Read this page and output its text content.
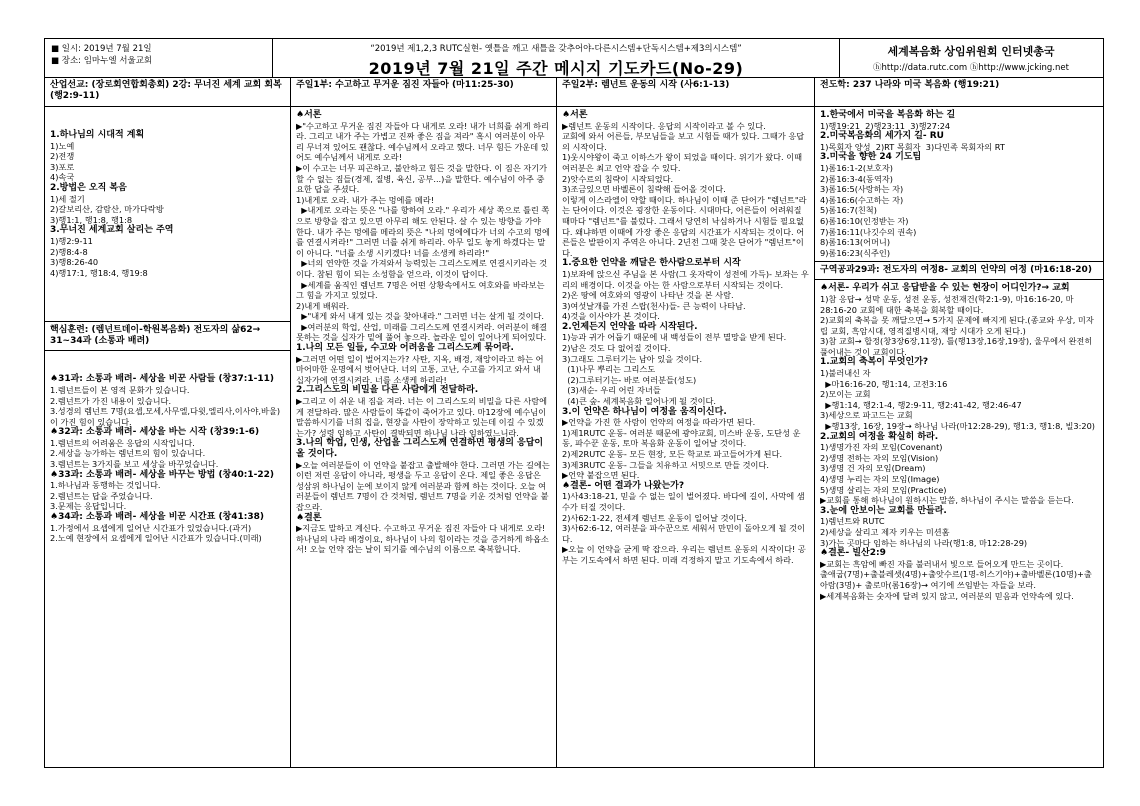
■ 일시: 2019년 7월 21일
■ 장소: 임마누엘 서울교회
“2019년 제1,2,3 RUTC실현- 옛틀을 깨고 새틀을 갖추어야-다른시스템+단독시스템+제3의시스템”
2019년 7월 21일 주간 메시지 기도카드(No-29)
세계복음화 상임위원회 인터넷총국
ⓗhttp://data.rutc.com ⓗhttp://www.jcking.net
산업선교: (장로회연합회총회) 2강: 무너진 세계 교회 회복 (행2:9-11)
1.하나님의 시대적 계획
1)노예
2)전쟁
3)포로
4)속국
2.방법은 오직 복음
1)세 절기
2)갈보리산, 감람산, 마가다락방
3)행1:1, 행1:8, 행1:8
3.무너진 세계교회 살리는 주역
1)행2:9-11
2)행8:4-8
3)행8:26-40
4)행17:1, 행18:4, 행19:8
핵심훈련: (렘넌트데이-학원복음화) 전도자의 삶62→ 31~34과 (소통과 배려)
♠31과: 소통과 배려- 세상을 비꾼 사람들 (창37:1-11)
1.렘넌트들이 본 영적 문화가 있습니다.
2.렘넌트가 가진 내용이 있습니다.
3.성경의 렘넌트 7명(요셉,모세,사무엘,다윗,엘리사,이사야,바울)이 가진 힘이 있습니다.
♠32과: 소통과 배려- 세상을 바는 시작 (창39:1-6)
1.렘넌트의 어려움은 응답의 시작입니다.
2.세상을 능가하는 렘넌트의 힘이 있습니다.
3.렘넌트는 3가지를 보고 세상을 바꾸었습니다.
♠33과: 소통과 배려- 세상을 바꾸는 방법 (창40:1-22)
1.하나님과 동행하는 것입니다.
2.렘넌트는 답을 주었습니다.
3.문제는 응답입니다.
♠34과: 소통과 배려- 세상을 비꾼 시간표 (창41:38)
1.가정에서 요셉에게 일어난 시간표가 있었습니다.(과거)
2.노예 현장에서 요셉에게 일어난 시간표가 있습니다.(미래)
주일1부: 수고하고 무거운 짐진 자들아 (마11:25-30)
♠서론
▶"수고하고 무거운 짐진 자들아 다 내게로 오라! 내가 너희를 쉬게 하리라. 그리고 내가 주는 가볍고 진짜 좋은 짐을 져라" 혹시 여러분이 아무리 무너져 있어도 괜찮다. 예수님께서 오라고 했다. 너무 힘든 가운데 있어도 예수님께서 내게로 오라!
▶이 수고는 너무 피곤하고, 불안하고 힘든 것을 말한다. 이 짐은 자기가 할 수 없는 짐들(경제, 질병, 육신, 공부...)을 말한다. 예수님이 아주 중요한 답을 주셨다.
1)내게로 오라. 내가 주는 멍에를 메라!
▶내게로 오라는 뜻은 "나를 향하여 오라." 우리가 세상 쪽으로 틀린 쪽으로 방향을 잡고 있으면 아무리 해도 안된다. 살 수 있는 방향을 가야 한다. 내가 주는 멍에를 메라의 뜻은 "나의 멍에에다가 너의 수고의 멍에를 연결시켜라!" 그러면 너를 쉬게 하리라. 아무 일도 놓게 하겠다는 말이 아니다. "너를 소생 시키겠다! 너를 소생케 하리라!"
▶너의 연약한 것을 가져와서 능력있는 그리스도께로 연결시키라는 것이다. 참된 힘이 되는 소성함을 얻으라, 이것이 답이다.
▶세계를 움직인 렘넌트 7명은 어떤 상황속에서도 여호와를 바라보는 그 힘을 가지고 있었다.
2)내게 배워라.
▶"내게 와서 내게 있는 것을 찾아내라." 그러면 너는 살게 될 것이다.
▶여러분의 학업, 산업, 미래를 그리스도께 연결시켜라. 여러분이 해결 못하는 것을 십자가 밑에 풀어 놓으라. 놀라운 일이 일어나게 되어있다.
1.나의 모든 일들, 수고와 어려움을 그리스도께 묶어라.
▶그러면 어떤 일이 벌어지는가? 사탄, 지옥, 배경, 재앙이라고 하는 어마어마한 운명에서 벗어난다. 너의 고통, 고난, 수고를 가지고 와서 내 십자가에 연결시켜라. 너를 소생케 하리라!
2.그리스도의 비밀을 다른 사람에게 전달하라.
▶그리고 이 쉬운 내 짐을 져라. 너는 이 그리스도의 비밀을 다른 사람에게 전달하라. 많은 사람들이 똑같이 죽어가고 있다. 마12장에 예수님이 말씀하시기를 너희 집을, 현장을 사탄이 장악하고 있는데 이길 수 있겠는가? 성령 임하고 사탄이 결박되면 하나님 나라 임하였느니라.
3.나의 학업, 인생, 산업을 그리스도께 연결하면 평생의 응답이 올 것이다.
▶오늘 여러분들이 이 언약을 붙잡고 출발해야 한다. 그러면 가는 길에는 이런 저런 응답이 아니라, 평생을 두고 응답이 온다. 제일 좋은 응답은 성삼위 하나님이 눈에 보이지 않게 여러분과 함께 하는 것이다. 오늘 여러분들이 렘넌트 7명이 간 것처럼, 렘넌트 7명을 키운 것처럼 언약을 붙잡으라.
♠결론
▶지금도 말하고 계신다. 수고하고 무거운 짐진 자들아 다 내게로 오라!
하나님의 나라 배경이요, 하나님이 나의 힘이라는 것을 증거하게 하옵소서! 오늘 언약 잡는 날이 되기를 예수님의 이름으로 축복합니다.
주일2부: 렘넌트 운동의 시작 (사6:1-13)
♠서론
▶렘넌트 운동의 시작이다. 응답의 시작이라고 볼 수 있다.
교회에 와서 어른들, 부모님들을 보고 시험들 때가 있다. 그때가 응답의 시작이다.
1)웃시야왕이 죽고 이하스가 왕이 되었을 때이다. 위기가 왔다. 이때 여러분은 최고 언약 잡을 수 있다.
2)앗수르의 침략이 시작되었다.
3)조금있으면 바벨론이 침략해 들어올 것이다.
이렇게 이스라엘이 약할 때이다. 하나님이 이때 준 단어가 "렘넌트"라는 단어이다. 이것은 굉장한 운동이다. 시대마다, 어른들이 어려워질 때마다 "렘넌트"를 불렀다. 그래서 당연히 낙심하거나 시험들 필요없다. 왜냐하면 이때에 가장 좋은 응답의 시간표가 시작되는 것이다. 어른들은 발판이지 주역은 아니다. 2년전 그때 찾은 단어가 "렘넌트"이다.
1.중요한 언약을 깨달은 한사람으로부터 시작
1)보좌에 앉으신 주님을 본 사람(그 옷자락이 성전에 가득)- 보좌는 우리의 배경이다. 이것을 아는 한 사람으로부터 시작되는 것이다.
2)온 땅에 여호와의 영광이 나타난 것을 본 사람.
3)여섯날개를 가진 스랍(천사)들- 큰 능력이 나타남.
4)것을 이사야가 본 것이다.
2.언제든지 언약을 따라 시작된다.
1)능과 귀가 어둡기 때문에 내 백성들이 전부 멸망을 받게 된다.
2)남은 것도 다 없어질 것이다.
3)그래도 그루터기는 남아 있을 것이다.
(1)나무 뿌리는 그리스도
(2)그루터기는- 바로 여러분들(성도)
(3)새순- 우리 어린 자녀들
(4)큰 숲- 세계복음화 일어나게 될 것이다.
3.이 언약은 하나님이 여정을 움직이신다.
▶언약을 가진 한 사람이 언약의 여정을 따라가면 된다.
1)제1RUTC 운동- 여러분 때문에 광야교회, 미스바 운동, 도단성 운동, 파수꾼 운동, 토마 복음화 운동이 일어날 것이다.
2)제2RUTC 운동- 모든 현장, 모든 학교로 파고들어가게 된다.
3)제3RUTC 운동- 그들을 치유하고 서밋으로 만들 것이다.
▶언약 붙잡으면 된다.
♠결론- 어떤 결과가 나왔는가?
1)사43:18-21, 믿을 수 없는 일이 벌어졌다. 바다에 길이, 사막에 샘수가 터질 것이다.
2)사62:1-22, 전세계 렘넌트 운동이 일어날 것이다.
3)사62:6-12, 여러분을 파수꾼으로 세워서 만민이 돌아오게 될 것이다.
▶오늘 이 언약을 굳게 딱 잡으라. 우리는 렘넌트 운동의 시작이다! 공부는 기도속에서 하면 된다. 미래 걱정하지 말고 기도속에서 하라.
전도학: 237 나라와 미국 복음화 (행19:21)
1.한국에서 미국을 복음화 하는 길
1)행19:21  2)행23:11  3)행27:24
2.미국복음화의 세가지 길- RU
1)목회자 양성  2)RT 목회자  3)다민족 목회자의 RT
3.미국을 향한 24 기도팀
1)롬16:1-2(보호자)
2)롬16:3-4(동역자)
3)롬16:5(사랑하는 자)
4)롬16:6(수고하는 자)
5)롬16:7(친척)
6)롬16:10(인정받는 자)
7)롬16:11(나깃수의 권속)
8)롬16:13(어머니)
9)롬16:23(식주인)
구역공과29과: 전도자의 여정8- 교회의 언약의 여정 (마16:18-20)
♠서론- 우리가 쉬고 응답받을 수 있는 현장이 어디인가?→ 교회
1)참 응답→ 성막 운동, 성전 운동, 성전재건(학2:1-9), 마16:16-20, 마28:16-20 교회에 대한 축복을 회복할 때이다.
2)교회의 축복을 못 깨달으면→ 5가지 문제에 빠지게 된다.(종교와 우상, 미자립 교회, 흑암시대, 영적질병시대, 재앙 시대가 오게 된다.)
3)참 교회→ 합정(창3장6장,11장), 틀(행13장,16장,19장), 울무에서 완전히 풀어내는 것이 교회이다.
1.교회의 축복이 무엇인가?
1)불러내신 자
▶마16:16-20, 행1:14, 고전3:16
2)모이는 교회
▶행1:14, 행2:1-4, 행2:9-11, 행2:41-42, 행2:46-47
3)세상으로 파고드는 교회
▶행13장, 16장, 19장→ 하나님 나라(마12:28-29), 행1:3, 행1:8, 빌3:20)
2.교회의 여정을 확실히 하라.
1)생명가진 자의 모임(Covenant)
2)생명 전하는 자의 모임(Vision)
3)생명 건 자의 모임(Dream)
4)생명 누리는 자의 모임(Image)
5)생명 살리는 자의 모임(Practice)
▶교회를 통해 하나님이 원하시는 말씀, 하나님이 주시는 말씀을 듣는다.
3.눈에 안보이는 교회를 만들라.
1)렘넌트와 RUTC
2)세상을 살리고 제자 키우는 미션홈
3)가는 곳마다 임하는 하나님의 나라(행1:8, 마12:28-29)
♠결론- 빌산2:9
▶교회는 흑암에 빠진 자를 불러내서 빛으로 들어오게 만드는 곳이다.
출애굽(7명)+출블레셋(4명)+출앗수르(1명-히스기야)+출바벨론(10명)+출아람(3명)+ 출로마(롬16장)→ 여기에 쓰임받는 자들을 보라.
▶세계복음화는 숫자에 달려 있지 않고, 여러분의 믿음과 언약속에 있다.
